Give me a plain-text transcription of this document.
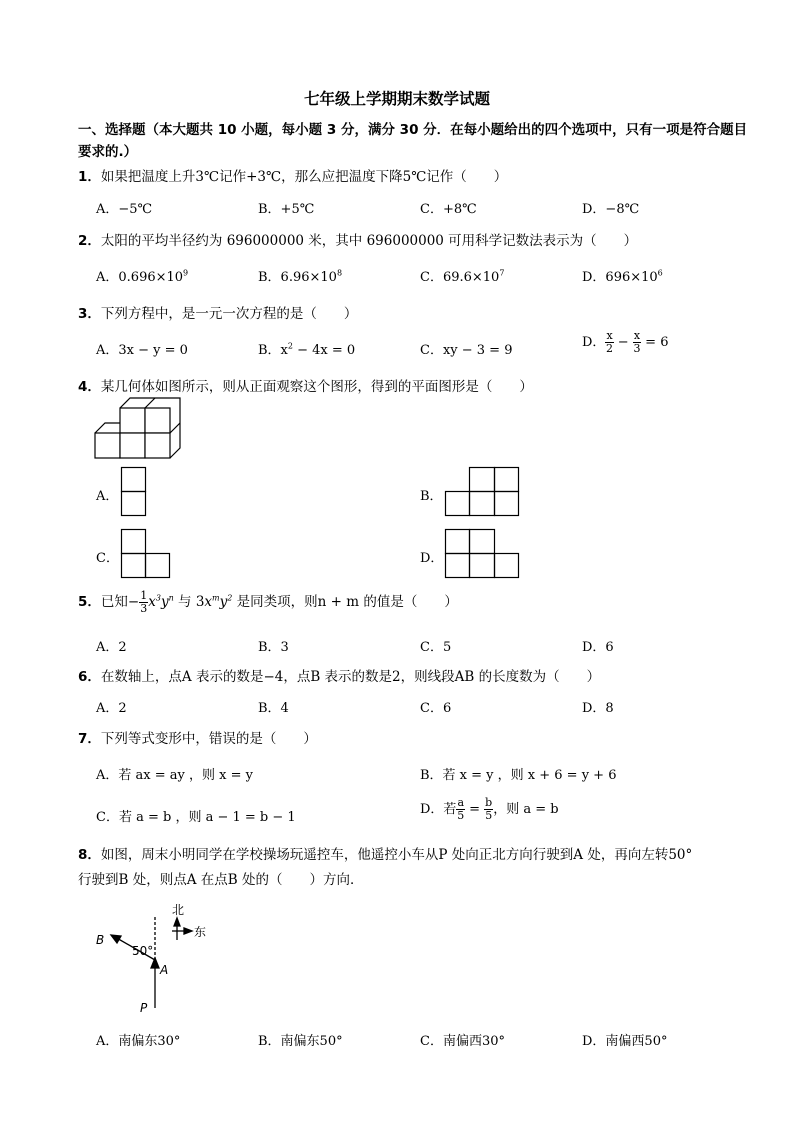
七年级上学期期末数学试题
一、选择题（本大题共 10 小题，每小题 3 分，满分 30 分．在每小题给出的四个选项中，只有一项是符合题目要求的.）
1．如果把温度上升3℃记作+3℃，那么应把温度下降5℃记作（　　）
A．−5℃	B．+5℃	C．+8℃	D．−8℃
2．太阳的平均半径约为 696000000 米，其中 696000000 可用科学记数法表示为（　　）
A．$0.696\times 10^9$	B．$6.96\times 10^8$	C．$69.6\times 10^7$	D．$696\times 10^6$
3．下列方程中，是一元一次方程的是（　　）
A．3x − y = 0	B．$x^2 - 4x = 0$	C．xy − 3 = 9
D． $\frac{x}{2} - \frac{x}{3} = 6$
4．某几何体如图所示，则从正面观察这个图形，得到的平面图形是（　　）
A．	B．
C．	D．
5．已知− $\frac{1}{3} x^3y^n$ 与 $3x^my^2$ 是同类项，则n + m 的值是（　　）
A．2	B．3	C．5	D．6
6．在数轴上，点A 表示的数是−4，点B 表示的数是2，则线段AB 的长度数为（　　）
A．2	B．4	C．6	D．8
7．下列等式变形中，错误的是（　　）
A．若 ax = ay ，则 x = y	B．若 x = y ，则 x + 6 = y + 6
C．若 a = b ，则 a − 1 = b − 1
D．若 $\frac{a}{5} = \frac{b}{5}$ ，则 a = b
8．如图，周末小明同学在学校操场玩遥控车，他遥控小车从P 处向正北方向行驶到A 处，再向左转50°
行驶到B 处，则点A 在点B 处的（　　）方向．
北
东
50°
B
A
P
A．南偏东30°	B．南偏东50°	C．南偏西30°	D．南偏西50°
